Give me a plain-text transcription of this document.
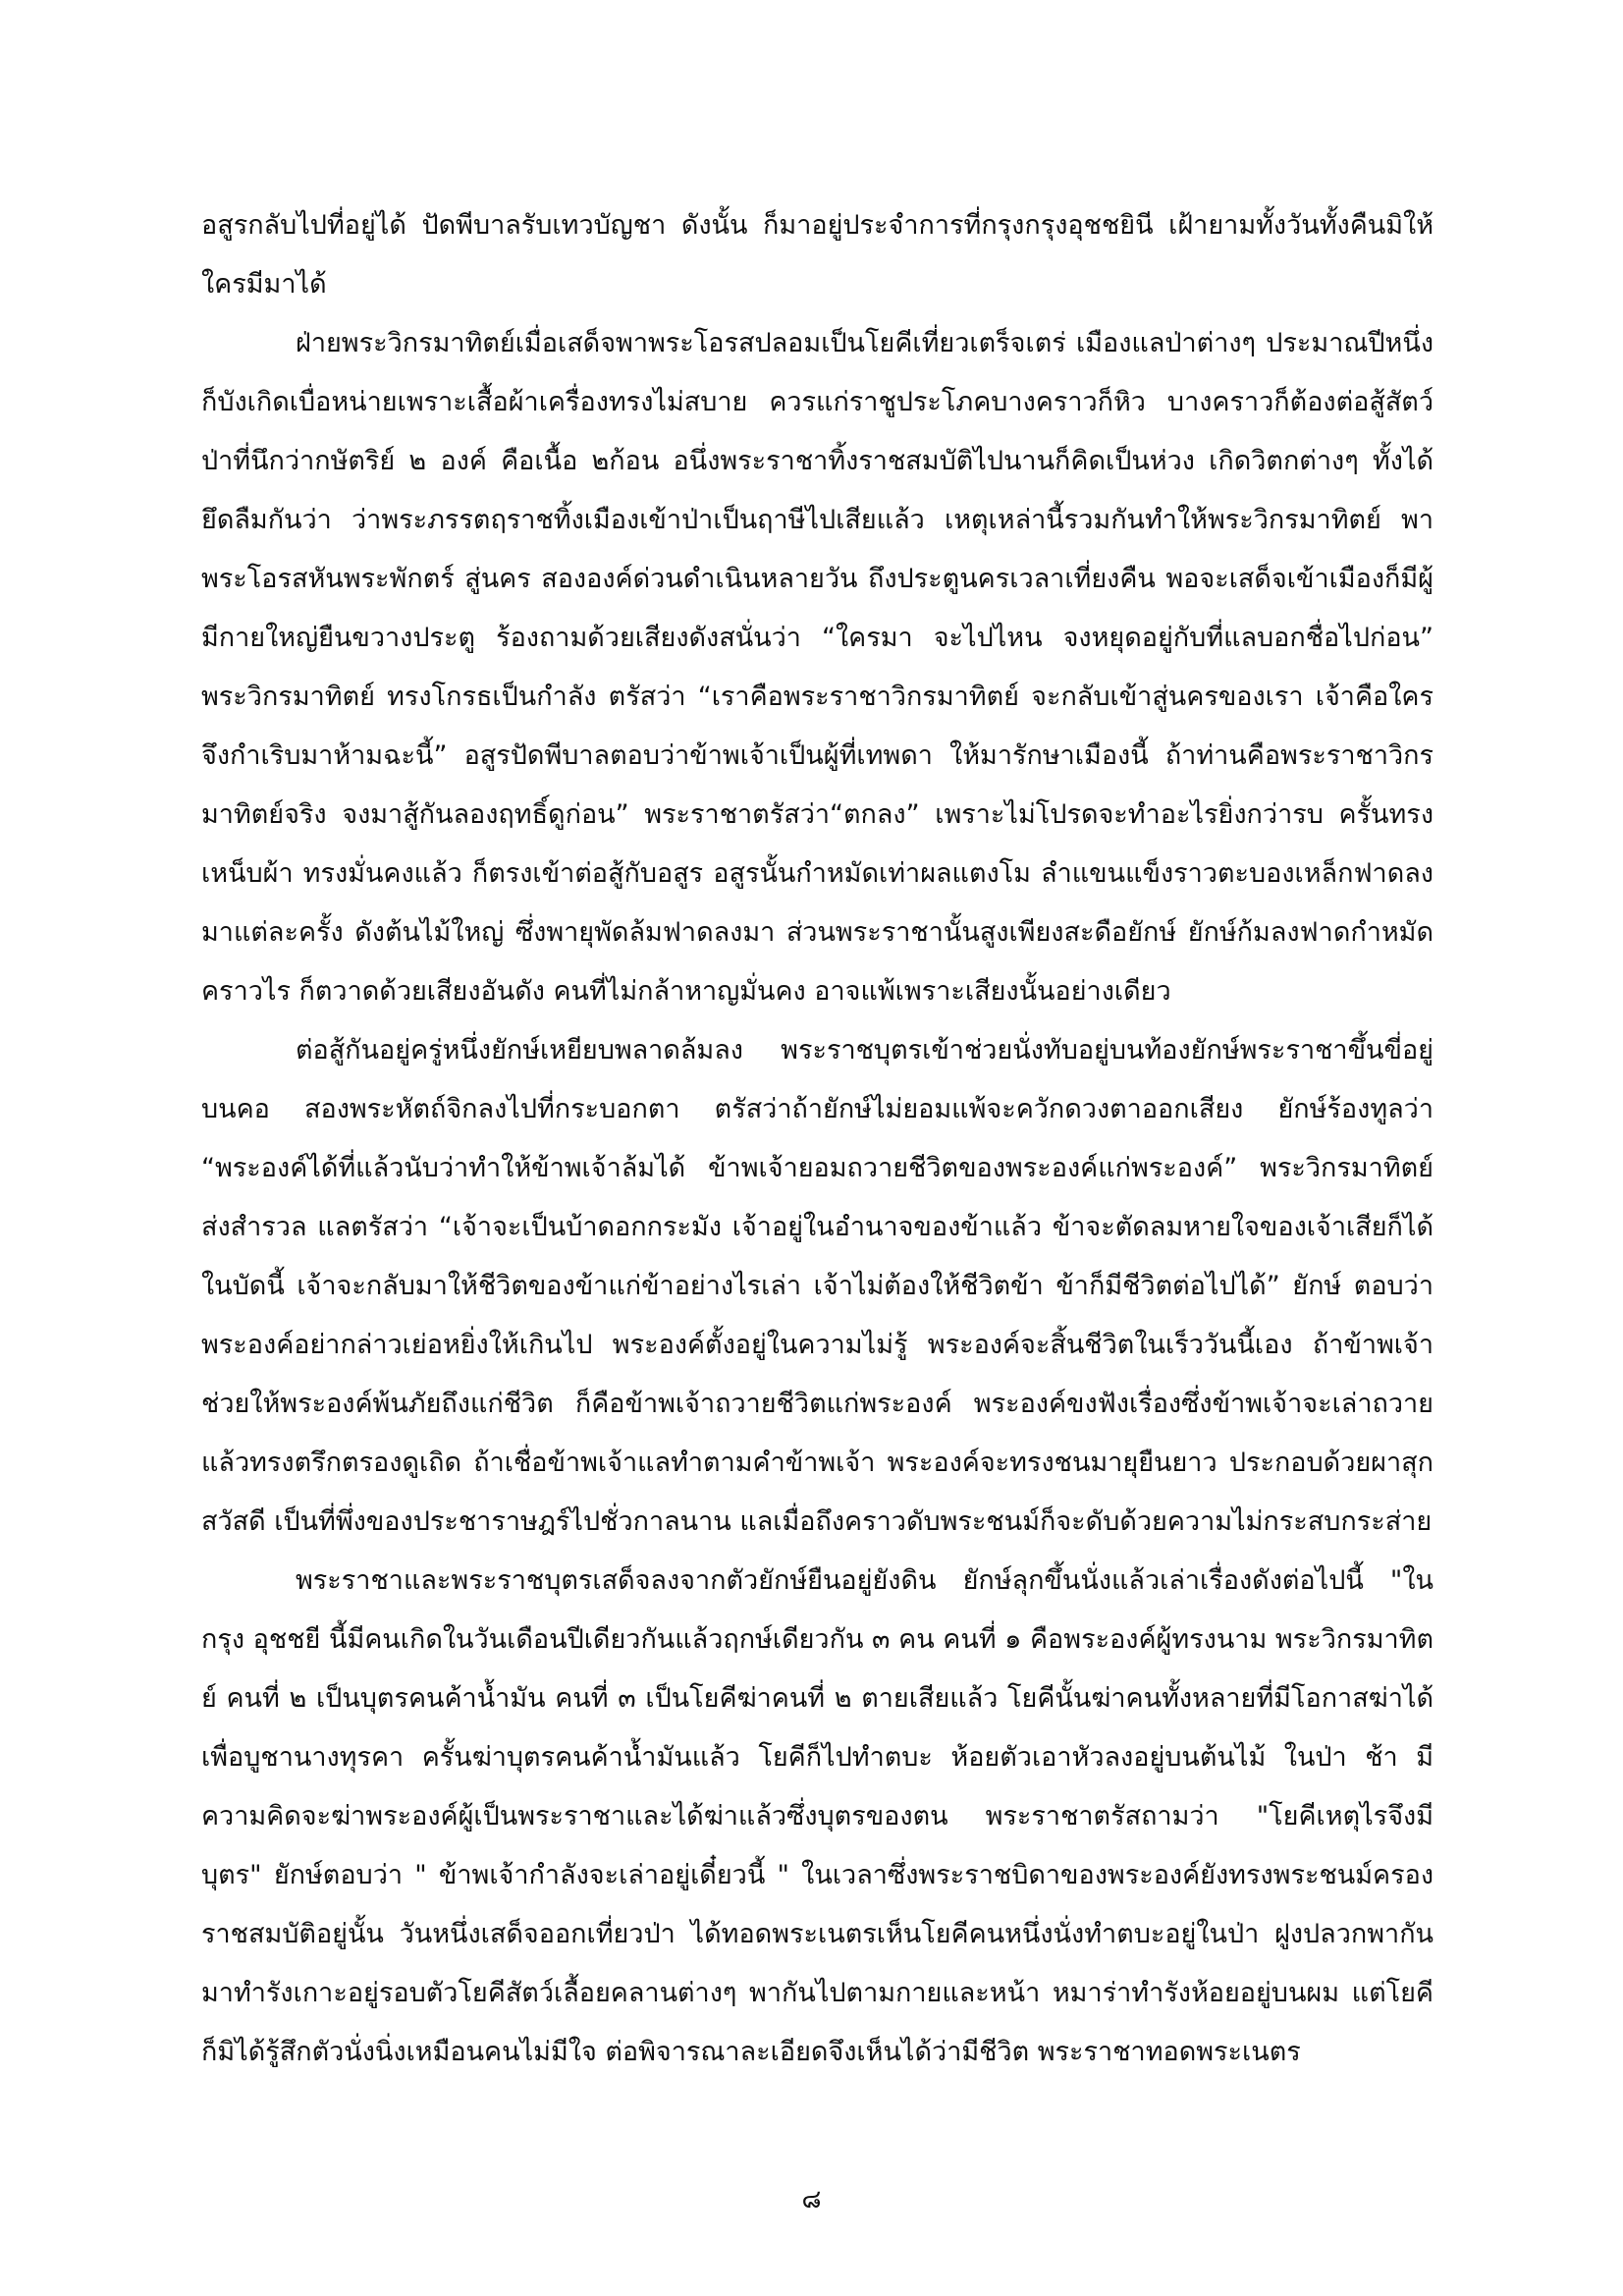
อสูรกลับไปที่อยู่ได้ ปัดพีบาลรับเทวบัญชา ดังนั้น ก็มาอยู่ประจำการที่กรุงกรุงอุชชยินี เฝ้ายามทั้งวันทั้งคืนมิให้ใครมีมาได้

ฝ่ายพระวิกรมาทิตย์เมื่อเสด็จพาพระโอรสปลอมเป็นโยคีเที่ยวเตร็จเตร่ เมืองแลป่าต่างๆ ประมาณปีหนึ่ง ก็บังเกิดเบื่อหน่ายเพราะเสื้อผ้าเครื่องทรงไม่สบาย ควรแก่ราชูประโภคบางคราวก็หิว บางคราวก็ต้องต่อสู้สัตว์ป่าที่นึกว่ากษัตริย์ ๒ องค์ คือเนื้อ ๒ก้อน อนึ่งพระราชาทิ้งราชสมบัติไปนานก็คิดเป็นห่วง เกิดวิตกต่างๆ ทั้งได้ ยึดลืมกันว่า ว่าพระภรรตฤราชทิ้งเมืองเข้าป่าเป็นฤาษีไปเสียแล้ว เหตุเหล่านี้รวมกันทำให้พระวิกรมาทิตย์ พาพระโอรสหันพระพักตร์ สู่นคร สององค์ด่วนดำเนินหลายวัน ถึงประตูนครเวลาเที่ยงคืน พอจะเสด็จเข้าเมืองก็มีผู้มีกายใหญ่ยืนขวางประตู ร้องถามด้วยเสียงดังสนั่นว่า “ใครมา จะไปไหน จงหยุดอยู่กับที่แลบอกชื่อไปก่อน” พระวิกรมาทิตย์ ทรงโกรธเป็นกำลัง ตรัสว่า “เราคือพระราชาวิกรมาทิตย์ จะกลับเข้าสู่นครของเรา เจ้าคือใครจึงกำเริบมาห้ามฉะนี้” อสูรปัดพีบาลตอบว่าข้าพเจ้าเป็นผู้ที่เทพดา ให้มารักษาเมืองนี้ ถ้าท่านคือพระราชาวิกรมาทิตย์จริง จงมาสู้กันลองฤทธิ์ดูก่อน” พระราชาตรัสว่า“ตกลง” เพราะไม่โปรดจะทำอะไรยิ่งกว่ารบ ครั้นทรงเหน็บผ้า ทรงมั่นคงแล้ว ก็ตรงเข้าต่อสู้กับอสูร อสูรนั้นกำหมัดเท่าผลแตงโม ลำแขนแข็งราวตะบองเหล็กฟาดลงมาแต่ละครั้ง ดังต้นไม้ใหญ่ ซึ่งพายุพัดล้มฟาดลงมา ส่วนพระราชานั้นสูงเพียงสะดือยักษ์ ยักษ์ก้มลงฟาดกำหมัดคราวไร ก็ตวาดด้วยเสียงอันดัง คนที่ไม่กล้าหาญมั่นคง อาจแพ้เพราะเสียงนั้นอย่างเดียว

ต่อสู้กันอยู่ครู่หนึ่งยักษ์เหยียบพลาดล้มลง พระราชบุตรเข้าช่วยนั่งทับอยู่บนท้องยักษ์พระราชาขึ้นขี่อยู่บนคอ สองพระหัตถ์จิกลงไปที่กระบอกตา ตรัสว่าถ้ายักษ์ไม่ยอมแพ้จะควักดวงตาออกเสียง ยักษ์ร้องทูลว่า “พระองค์ได้ที่แล้วนับว่าทำให้ข้าพเจ้าล้มได้ ข้าพเจ้ายอมถวายชีวิตของพระองค์แก่พระองค์” พระวิกรมาทิตย์ส่งสำรวล แลตรัสว่า “เจ้าจะเป็นบ้าดอกกระมัง เจ้าอยู่ในอำนาจของข้าแล้ว ข้าจะตัดลมหายใจของเจ้าเสียก็ได้ ในบัดนี้ เจ้าจะกลับมาให้ชีวิตของข้าแก่ข้าอย่างไรเล่า เจ้าไม่ต้องให้ชีวิตข้า ข้าก็มีชีวิตต่อไปได้” ยักษ์ ตอบว่า พระองค์อย่ากล่าวเย่อหยิ่งให้เกินไป พระองค์ตั้งอยู่ในความไม่รู้ พระองค์จะสิ้นชีวิตในเร็ววันนี้เอง ถ้าข้าพเจ้าช่วยให้พระองค์พ้นภัยถึงแก่ชีวิต ก็คือข้าพเจ้าถวายชีวิตแก่พระองค์ พระองค์ขงฟังเรื่องซึ่งข้าพเจ้าจะเล่าถวาย แล้วทรงตรึกตรองดูเถิด ถ้าเชื่อข้าพเจ้าแลทำตามคำข้าพเจ้า พระองค์จะทรงชนมายุยืนยาว ประกอบด้วยผาสุกสวัสดี เป็นที่พึ่งของประชาราษฎร์ไปชั่วกาลนาน แลเมื่อถึงคราวดับพระชนม์ก็จะดับด้วยความไม่กระสบกระส่าย

พระราชาและพระราชบุตรเสด็จลงจากตัวยักษ์ยืนอยู่ยังดิน ยักษ์ลุกขึ้นนั่งแล้วเล่าเรื่องดังต่อไปนี้ "ในกรุง อุชชยี นี้มีคนเกิดในวันเดือนปีเดียวกันแล้วฤกษ์เดียวกัน ๓ คน คนที่ ๑ คือพระองค์ผู้ทรงนาม พระวิกรมาทิตย์ คนที่ ๒ เป็นบุตรคนค้าน้ำมัน คนที่ ๓ เป็นโยคีฆ่าคนที่ ๒ ตายเสียแล้ว โยคีนั้นฆ่าคนทั้งหลายที่มีโอกาสฆ่าได้ เพื่อบูชานางทุรคา ครั้นฆ่าบุตรคนค้าน้ำมันแล้ว โยคีก็ไปทำตบะ ห้อยตัวเอาหัวลงอยู่บนต้นไม้ ในป่า ช้า มีความคิดจะฆ่าพระองค์ผู้เป็นพระราชาและได้ฆ่าแล้วซึ่งบุตรของตน พระราชาตรัสถามว่า "โยคีเหตุไรจึงมีบุตร" ยักษ์ตอบว่า " ข้าพเจ้ากำลังจะเล่าอยู่เดี๋ยวนี้ " ในเวลาซึ่งพระราชบิดาของพระองค์ยังทรงพระชนม์ครองราชสมบัติอยู่นั้น วันหนึ่งเสด็จออกเที่ยวป่า ได้ทอดพระเนตรเห็นโยคีคนหนึ่งนั่งทำตบะอยู่ในป่า ฝูงปลวกพากันมาทำรังเกาะอยู่รอบตัวโยคีสัตว์เลื้อยคลานต่างๆ พากันไปตามกายและหน้า หมาร่าทำรังห้อยอยู่บนผม แต่โยคี ก็มิได้รู้สึกตัวนั่งนิ่งเหมือนคนไม่มีใจ ต่อพิจารณาละเอียดจึงเห็นได้ว่ามีชีวิต พระราชาทอดพระเนตร

๘
